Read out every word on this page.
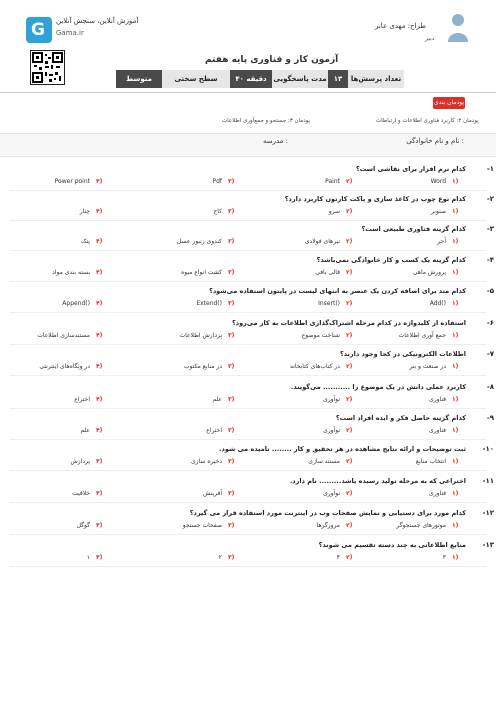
G آموزش آنلاین، سنجش آنلاین
Gama.ir
آزمون کار و فناوری پایه هفتم
طراح: مهدی عابر
دبیر
تعداد پرسش‌ها
۱۳
مدت پاسخگویی
۴۰ دقیقه
سطح سختی
متوسط
پودمان بندی
پودمان ۲: کاربرد فناوری اطلاعات و ارتباطات
پودمان ۳: جستجو و جمع‌آوری اطلاعات
نام و نام خانوادگی :
مدرسه :
-۱
کدام نرم افزار برای نقاشی است؟
۱)
Word
۲)
Paint
۳)
Pdf
۴)
Power point
-۲
کدام نوع چوب در کاغذ سازی و پاکت کارتون کاربرد دارد؟
۱)
صنوبر
۲)
سرو
۳)
کاج
۴)
چنار
-۳
کدام گزینه فناوری طبیعی است؟
۱)
آجر
۲)
تیرهای فولادی
۳)
کندوی زنبور عسل
۴)
پتک
-۴
کدام گزینه یک کسب و کار خانوادگی نمی‌باشد؟
۱)
پرورش ماهی
۲)
قالی بافی
۳)
کشت انواع میوه
۴)
بسته بندی مواد
-۵
کدام متد برای اضافه کردن یک عنصر به انتهای لیست در پایتون استفاده می‌شود؟
۱)
Add()
۲)
Insert()
۳)
Extend()
۴)
Append()
-۶
استفاده از کلیدواژه در کدام مرحله اشتراک‌گذاری اطلاعات به کار می‌رود؟
۱)
جمع آوری اطلاعات
۲)
شناخت موضوع
۳)
پردازش اطلاعات
۴)
مستندسازی اطلاعات
-۷
اطلاعات الکترونیکی در کجا وجود دارند؟
۱)
در صنعت و بنر
۲)
در کتاب‌های کتابخانه
۳)
در منابع مکتوب
۴)
در وبگاه‌های اینترنتی
-۸
کاربرد عملی دانش در یک موضوع را ........... می‌گویند.
۱)
فناوری
۲)
نوآوری
۳)
علم
۴)
اختراع
-۹
کدام گزینه حاصل فکر و ایده افراد است؟
۱)
فناوری
۲)
نوآوری
۳)
اختراع
۴)
علم
-۱۰
ثبت توضیحات و ارائه نتایج مشاهده در هر تحقیق و کار ........ نامیده می شود.
۱)
انتخاب منابع
۲)
مستند سازی
۳)
ذخیره سازی
۴)
پردازش
-۱۱
اختراعی که به مرحله تولید رسیده باشد......... نام دارد.
۱)
فناوری
۲)
نوآوری
۳)
آفرینش
۴)
خلاقیت
-۱۲
کدام مورد برای دستیابی و نمایش صفحات وب در اینترنت مورد استفاده قرار می گیرد؟
۱)
موتورهای جستجوگر
۲)
مرورگرها
۳)
صفحات جستجو
۴)
گوگل
-۱۳
منابع اطلاعاتی به چند دسته تقسیم می شوند؟
۱)
۳
۲)
۴
۳)
۲
۴)
۱
